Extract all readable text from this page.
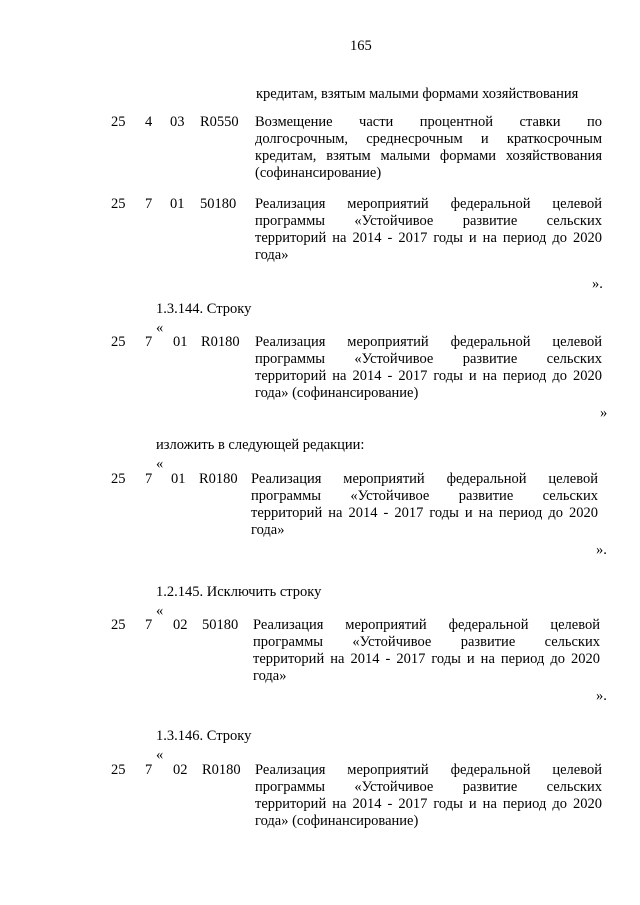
165
кредитам, взятым малыми формами хозяйствования
25 4 03 R0550 Возмещение части процентной ставки по
долгосрочным, среднесрочным и краткосрочным
кредитам, взятым малыми формами хозяйствования
(софинансирование)
25 7 01 50180 Реализация мероприятий федеральной целевой
программы «Устойчивое развитие сельских
территорий на 2014 - 2017 годы и на период до 2020
года»
».
1.3.144. Строку
«
25 7 01 R0180 Реализация мероприятий федеральной целевой
программы «Устойчивое развитие сельских
территорий на 2014 - 2017 годы и на период до 2020
года» (софинансирование)
»
изложить в следующей редакции:
«
25 7 01 R0180 Реализация мероприятий федеральной целевой
программы «Устойчивое развитие сельских
территорий на 2014 - 2017 годы и на период до 2020
года»
».
1.2.145. Исключить строку
«
25 7 02 50180 Реализация мероприятий федеральной целевой
программы «Устойчивое развитие сельских
территорий на 2014 - 2017 годы и на период до 2020
года»
».
1.3.146. Строку
«
25 7 02 R0180 Реализация мероприятий федеральной целевой
программы «Устойчивое развитие сельских
территорий на 2014 - 2017 годы и на период до 2020
года» (софинансирование)
